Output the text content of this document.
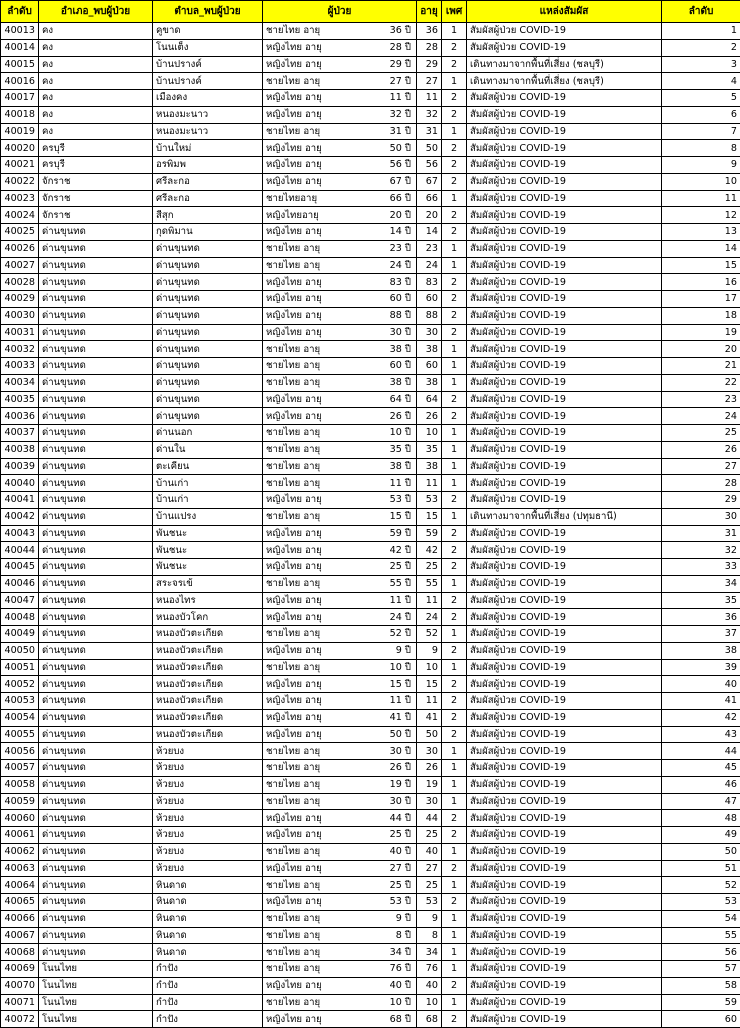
ลำดับ	อำเภอ_พบผู้ป่วย	ตำบล_พบผู้ป่วย	ผู้ป่วย	อายุ	เพศ	แหล่งสัมผัส	ลำดับ
40013	คง	คูขาด	ชายไทย อายุ 36 ปี	36	1	สัมผัสผู้ป่วย COVID-19	1
40014	คง	โนนเต็ง	หญิงไทย อายุ 28 ปี	28	2	สัมผัสผู้ป่วย COVID-19	2
40015	คง	บ้านปรางค์	หญิงไทย อายุ 29 ปี	29	2	เดินทางมาจากพื้นที่เสี่ยง (ชลบุรี)	3
40016	คง	บ้านปรางค์	ชายไทย อายุ 27 ปี	27	1	เดินทางมาจากพื้นที่เสี่ยง (ชลบุรี)	4
40017	คง	เมืองคง	หญิงไทย อายุ 11 ปี	11	2	สัมผัสผู้ป่วย COVID-19	5
40018	คง	หนองมะนาว	หญิงไทย อายุ 32 ปี	32	2	สัมผัสผู้ป่วย COVID-19	6
40019	คง	หนองมะนาว	ชายไทย อายุ 31 ปี	31	1	สัมผัสผู้ป่วย COVID-19	7
40020	ครบุรี	บ้านใหม่	หญิงไทย อายุ 50 ปี	50	2	สัมผัสผู้ป่วย COVID-19	8
40021	ครบุรี	อรพิมพ	หญิงไทย อายุ 56 ปี	56	2	สัมผัสผู้ป่วย COVID-19	9
40022	จักราช	ศรีละกอ	หญิงไทย อายุ 67 ปี	67	2	สัมผัสผู้ป่วย COVID-19	10
40023	จักราช	ศรีละกอ	ชายไทยอายุ 66 ปี	66	1	สัมผัสผู้ป่วย COVID-19	11
40024	จักราช	สีสุก	หญิงไทยอายุ 20 ปี	20	2	สัมผัสผู้ป่วย COVID-19	12
40025	ด่านขุนทด	กุดพิมาน	หญิงไทย อายุ 14 ปี	14	2	สัมผัสผู้ป่วย COVID-19	13
40026	ด่านขุนทด	ด่านขุนทด	ชายไทย อายุ 23 ปี	23	1	สัมผัสผู้ป่วย COVID-19	14
40027	ด่านขุนทด	ด่านขุนทด	ชายไทย อายุ 24 ปี	24	1	สัมผัสผู้ป่วย COVID-19	15
40028	ด่านขุนทด	ด่านขุนทด	หญิงไทย อายุ 83 ปี	83	2	สัมผัสผู้ป่วย COVID-19	16
40029	ด่านขุนทด	ด่านขุนทด	หญิงไทย อายุ 60 ปี	60	2	สัมผัสผู้ป่วย COVID-19	17
40030	ด่านขุนทด	ด่านขุนทด	หญิงไทย อายุ 88 ปี	88	2	สัมผัสผู้ป่วย COVID-19	18
40031	ด่านขุนทด	ด่านขุนทด	หญิงไทย อายุ 30 ปี	30	2	สัมผัสผู้ป่วย COVID-19	19
40032	ด่านขุนทด	ด่านขุนทด	ชายไทย อายุ 38 ปี	38	1	สัมผัสผู้ป่วย COVID-19	20
40033	ด่านขุนทด	ด่านขุนทด	ชายไทย อายุ 60 ปี	60	1	สัมผัสผู้ป่วย COVID-19	21
40034	ด่านขุนทด	ด่านขุนทด	ชายไทย อายุ 38 ปี	38	1	สัมผัสผู้ป่วย COVID-19	22
40035	ด่านขุนทด	ด่านขุนทด	หญิงไทย อายุ 64 ปี	64	2	สัมผัสผู้ป่วย COVID-19	23
40036	ด่านขุนทด	ด่านขุนทด	หญิงไทย อายุ 26 ปี	26	2	สัมผัสผู้ป่วย COVID-19	24
40037	ด่านขุนทด	ด่านนอก	ชายไทย อายุ 10 ปี	10	1	สัมผัสผู้ป่วย COVID-19	25
40038	ด่านขุนทด	ด่านใน	ชายไทย อายุ 35 ปี	35	1	สัมผัสผู้ป่วย COVID-19	26
40039	ด่านขุนทด	ตะเคียน	ชายไทย อายุ 38 ปี	38	1	สัมผัสผู้ป่วย COVID-19	27
40040	ด่านขุนทด	บ้านเก่า	ชายไทย อายุ 11 ปี	11	1	สัมผัสผู้ป่วย COVID-19	28
40041	ด่านขุนทด	บ้านเก่า	หญิงไทย อายุ 53 ปี	53	2	สัมผัสผู้ป่วย COVID-19	29
40042	ด่านขุนทด	บ้านแปรง	ชายไทย อายุ 15 ปี	15	1	เดินทางมาจากพื้นที่เสี่ยง (ปทุมธานี)	30
40043	ด่านขุนทด	พันชนะ	หญิงไทย อายุ 59 ปี	59	2	สัมผัสผู้ป่วย COVID-19	31
40044	ด่านขุนทด	พันชนะ	หญิงไทย อายุ 42 ปี	42	2	สัมผัสผู้ป่วย COVID-19	32
40045	ด่านขุนทด	พันชนะ	หญิงไทย อายุ 25 ปี	25	2	สัมผัสผู้ป่วย COVID-19	33
40046	ด่านขุนทด	สระจรเข้	ชายไทย อายุ 55 ปี	55	1	สัมผัสผู้ป่วย COVID-19	34
40047	ด่านขุนทด	หนองไทร	หญิงไทย อายุ 11 ปี	11	2	สัมผัสผู้ป่วย COVID-19	35
40048	ด่านขุนทด	หนองบัวโคก	หญิงไทย อายุ 24 ปี	24	2	สัมผัสผู้ป่วย COVID-19	36
40049	ด่านขุนทด	หนองบัวตะเกียด	ชายไทย อายุ 52 ปี	52	1	สัมผัสผู้ป่วย COVID-19	37
40050	ด่านขุนทด	หนองบัวตะเกียด	หญิงไทย อายุ 9 ปี	9	2	สัมผัสผู้ป่วย COVID-19	38
40051	ด่านขุนทด	หนองบัวตะเกียด	ชายไทย อายุ 10 ปี	10	1	สัมผัสผู้ป่วย COVID-19	39
40052	ด่านขุนทด	หนองบัวตะเกียด	หญิงไทย อายุ 15 ปี	15	2	สัมผัสผู้ป่วย COVID-19	40
40053	ด่านขุนทด	หนองบัวตะเกียด	หญิงไทย อายุ 11 ปี	11	2	สัมผัสผู้ป่วย COVID-19	41
40054	ด่านขุนทด	หนองบัวตะเกียด	หญิงไทย อายุ 41 ปี	41	2	สัมผัสผู้ป่วย COVID-19	42
40055	ด่านขุนทด	หนองบัวตะเกียด	หญิงไทย อายุ 50 ปี	50	2	สัมผัสผู้ป่วย COVID-19	43
40056	ด่านขุนทด	ห้วยบง	ชายไทย อายุ 30 ปี	30	1	สัมผัสผู้ป่วย COVID-19	44
40057	ด่านขุนทด	ห้วยบง	ชายไทย อายุ 26 ปี	26	1	สัมผัสผู้ป่วย COVID-19	45
40058	ด่านขุนทด	ห้วยบง	ชายไทย อายุ 19 ปี	19	1	สัมผัสผู้ป่วย COVID-19	46
40059	ด่านขุนทด	ห้วยบง	ชายไทย อายุ 30 ปี	30	1	สัมผัสผู้ป่วย COVID-19	47
40060	ด่านขุนทด	ห้วยบง	หญิงไทย อายุ 44 ปี	44	2	สัมผัสผู้ป่วย COVID-19	48
40061	ด่านขุนทด	ห้วยบง	หญิงไทย อายุ 25 ปี	25	2	สัมผัสผู้ป่วย COVID-19	49
40062	ด่านขุนทด	ห้วยบง	ชายไทย อายุ 40 ปี	40	1	สัมผัสผู้ป่วย COVID-19	50
40063	ด่านขุนทด	ห้วยบง	หญิงไทย อายุ 27 ปี	27	2	สัมผัสผู้ป่วย COVID-19	51
40064	ด่านขุนทด	หินดาด	ชายไทย อายุ 25 ปี	25	1	สัมผัสผู้ป่วย COVID-19	52
40065	ด่านขุนทด	หินดาด	หญิงไทย อายุ 53 ปี	53	2	สัมผัสผู้ป่วย COVID-19	53
40066	ด่านขุนทด	หินดาด	ชายไทย อายุ 9 ปี	9	1	สัมผัสผู้ป่วย COVID-19	54
40067	ด่านขุนทด	หินดาด	ชายไทย อายุ 8 ปี	8	1	สัมผัสผู้ป่วย COVID-19	55
40068	ด่านขุนทด	หินดาด	ชายไทย อายุ 34 ปี	34	1	สัมผัสผู้ป่วย COVID-19	56
40069	โนนไทย	กำปัง	ชายไทย อายุ 76 ปี	76	1	สัมผัสผู้ป่วย COVID-19	57
40070	โนนไทย	กำปัง	หญิงไทย อายุ 40 ปี	40	2	สัมผัสผู้ป่วย COVID-19	58
40071	โนนไทย	กำปัง	ชายไทย อายุ 10 ปี	10	1	สัมผัสผู้ป่วย COVID-19	59
40072	โนนไทย	กำปัง	หญิงไทย อายุ 68 ปี	68	2	สัมผัสผู้ป่วย COVID-19	60
